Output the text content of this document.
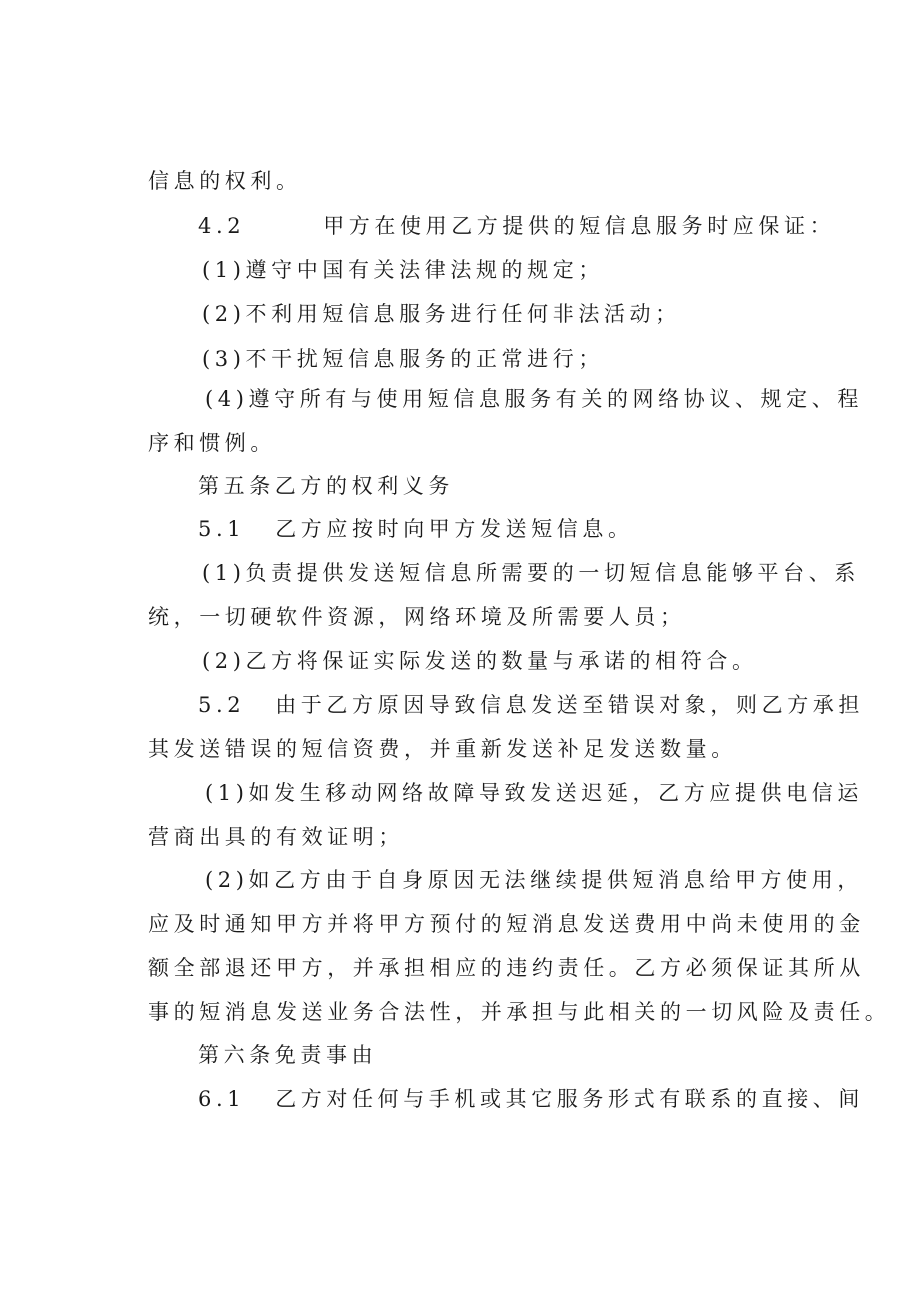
信息的权利。
4.2	甲方在使用乙方提供的短信息服务时应保证：
(1)遵守中国有关法律法规的规定；
(2)不利用短信息服务进行任何非法活动；
(3)不干扰短信息服务的正常进行；
(4)遵守所有与使用短信息服务有关的网络协议、规定、程
序和惯例。
第五条乙方的权利义务
5.1 乙方应按时向甲方发送短信息。
(1)负责提供发送短信息所需要的一切短信息能够平台、系
统，一切硬软件资源，网络环境及所需要人员；
(2)乙方将保证实际发送的数量与承诺的相符合。
5.2 由于乙方原因导致信息发送至错误对象，则乙方承担
其发送错误的短信资费，并重新发送补足发送数量。
(1)如发生移动网络故障导致发送迟延，乙方应提供电信运
营商出具的有效证明；
(2)如乙方由于自身原因无法继续提供短消息给甲方使用，
应及时通知甲方并将甲方预付的短消息发送费用中尚未使用的金
额全部退还甲方，并承担相应的违约责任。乙方必须保证其所从
事的短消息发送业务合法性，并承担与此相关的一切风险及责任。
第六条免责事由
6.1 乙方对任何与手机或其它服务形式有联系的直接、间
